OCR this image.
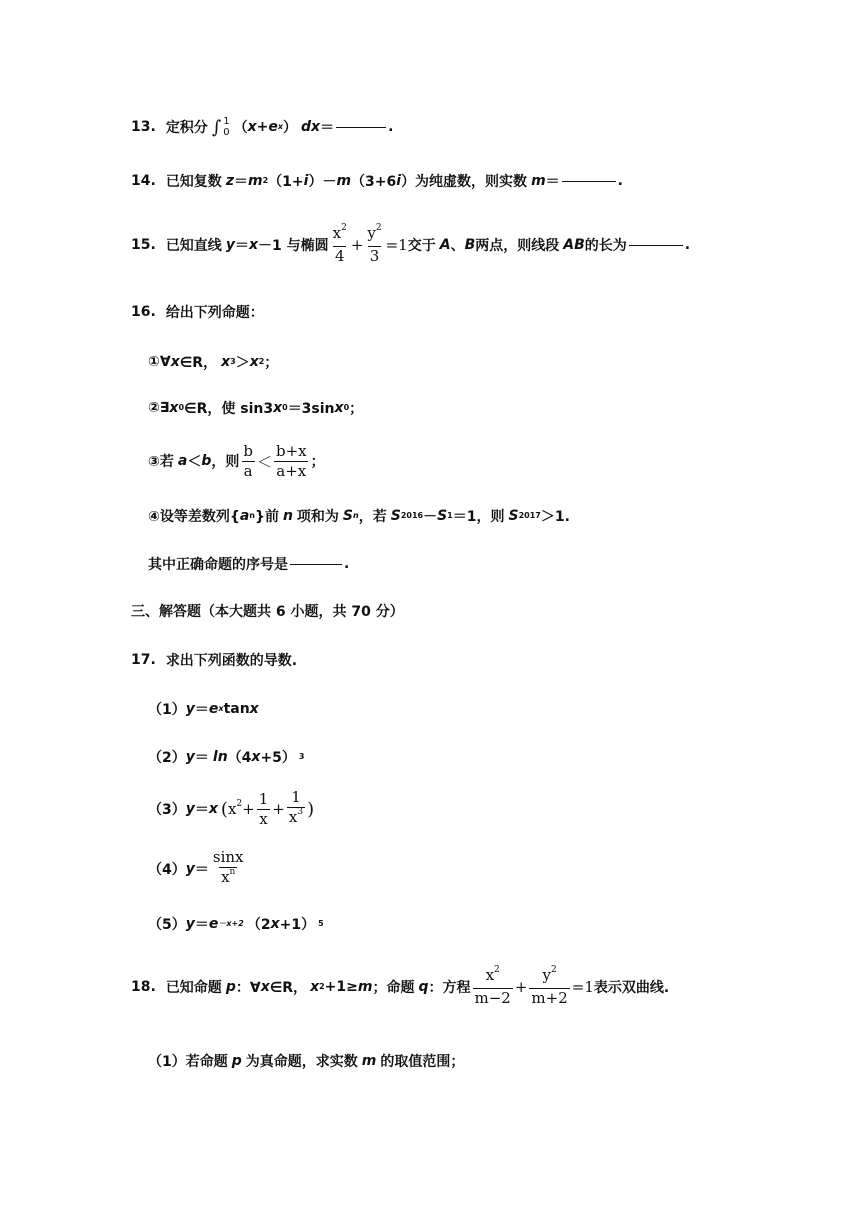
13. 定积分 ∫ 1
0 （ x + e x ） dx ＝	.
14. 已知复数 z ＝ m 2 （1+ i ）－ m （3+6 i ）为纯虚数，则实数 m ＝	.
15. 已知直线 y ＝ x －1 与椭圆 $\frac{x^2}{4} + \frac{y^2}{3} =1$ 交于 A 、 B 两点，则线段 AB 的长为	.
16. 给出下列命题：
①∀ x ∈R， x 3 ＞ x 2 ；
②∃ x 0 ∈R，使 sin3 x 0 ＝3sin x 0 ；
③若 a ＜ b ，则 $\frac{b}{a} < \frac{b+x}{a+x}$ ；
④设等差数列{ a n }前 n 项和为 S n ，若 S 2016 － S 1 ＝1，则 S 2017 ＞1.
其中正确命题的序号是	.
三、解答题（本大题共 6 小题，共 70 分）
17. 求出下列函数的导数.
（1） y ＝ e x tan x
（2） y ＝ ln （4 x +5） 3
（3） y ＝ x ( $x^2 + \frac{1}{x} + \frac{1}{x^3}$ )
（4） $y = \frac{\sin x}{x^n}$
（5） y ＝ e －x+2 （2 x +1） 5
18. 已知命题 p ：∀ x ∈R， x 2 +1≥ m ；命题 q ：方程 $\frac{x^2}{m-2} + \frac{y^2}{m+2} =1$ 表示双曲线.
（1）若命题 p 为真命题，求实数 m 的取值范围；
